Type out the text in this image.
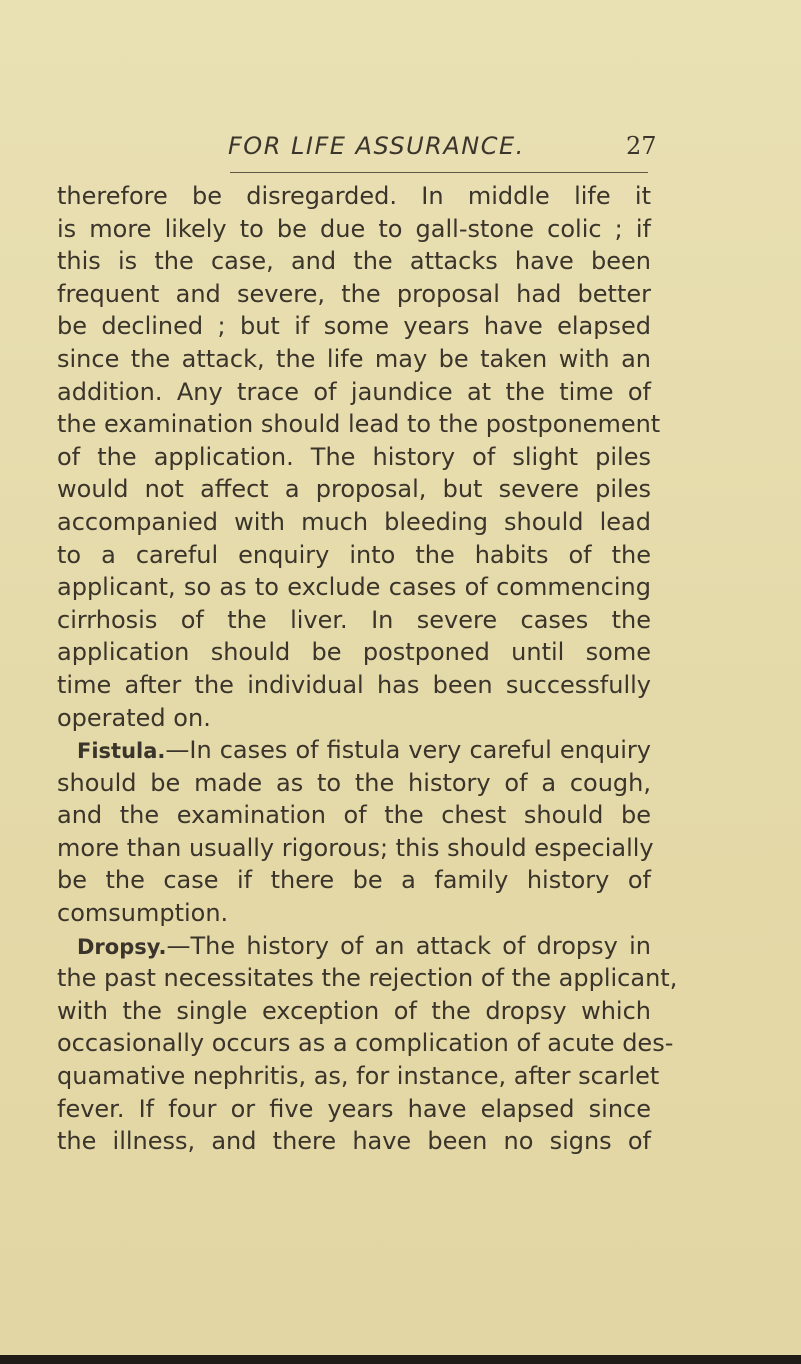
FOR LIFE ASSURANCE.	27
therefore be disregarded. In middle life it
is more likely to be due to gall-stone colic ; if
this is the case, and the attacks have been
frequent and severe, the proposal had better
be declined ; but if some years have elapsed
since the attack, the life may be taken with an
addition. Any trace of jaundice at the time of
the examination should lead to the postponement
of the application. The history of slight piles
would not affect a proposal, but severe piles
accompanied with much bleeding should lead
to a careful enquiry into the habits of the
applicant, so as to exclude cases of commencing
cirrhosis of the liver. In severe cases the
application should be postponed until some
time after the individual has been successfully
operated on.
Fistula.—In cases of fistula very careful enquiry
should be made as to the history of a cough,
and the examination of the chest should be
more than usually rigorous; this should especially
be the case if there be a family history of
comsumption.
Dropsy.—The history of an attack of dropsy in
the past necessitates the rejection of the applicant,
with the single exception of the dropsy which
occasionally occurs as a complication of acute des-
quamative nephritis, as, for instance, after scarlet
fever. If four or five years have elapsed since
the illness, and there have been no signs of
